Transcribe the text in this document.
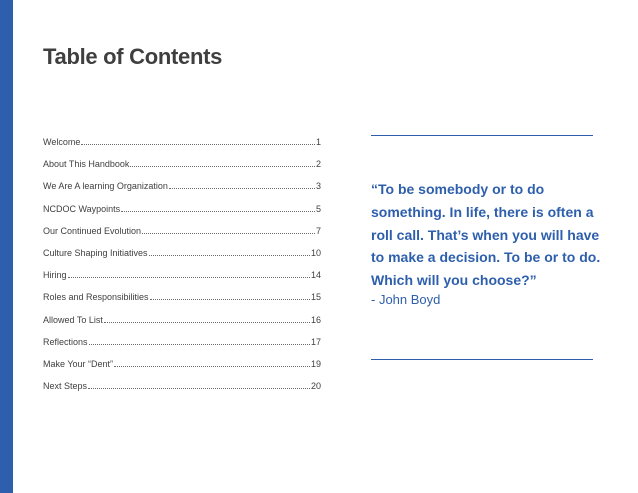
Table of Contents
Welcome	1
About This Handbook	2
We Are A learning Organization	3
NCDOC Waypoints	5
Our Continued Evolution	7
Culture Shaping Initiatives	10
Hiring	14
Roles and Responsibilities	15
Allowed To List	16
Reflections	17
Make Your “Dent”	19
Next Steps	20
“To be somebody or to do something. In life, there is often a roll call. That’s when you will have to make a decision. To be or to do. Which will you choose?”
- John Boyd
